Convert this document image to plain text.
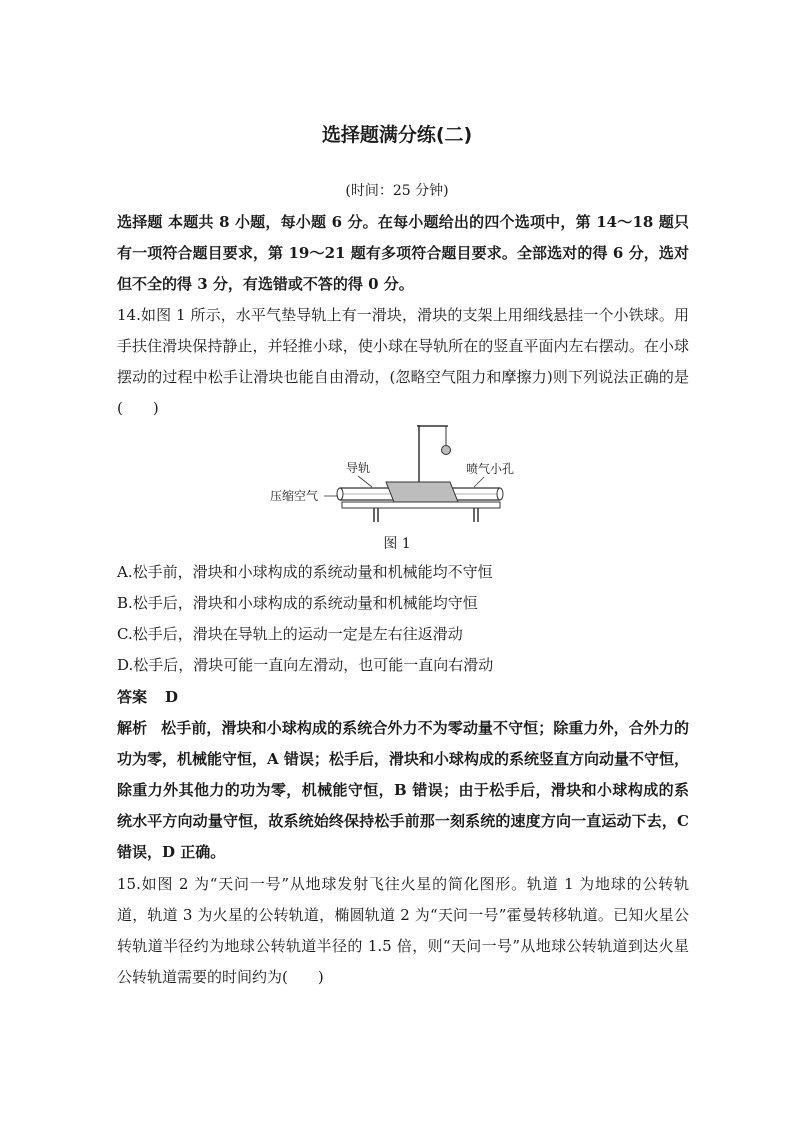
选择题满分练(二)
(时间：25 分钟)
选择题 本题共 8 小题，每小题 6 分。在每小题给出的四个选项中，第 14～18 题只有一项符合题目要求，第 19～21 题有多项符合题目要求。全部选对的得 6 分，选对但不全的得 3 分，有选错或不答的得 0 分。
14.如图 1 所示，水平气垫导轨上有一滑块，滑块的支架上用细线悬挂一个小铁球。用手扶住滑块保持静止，并轻推小球，使小球在导轨所在的竖直平面内左右摆动。在小球摆动的过程中松手让滑块也能自由滑动，(忽略空气阻力和摩擦力)则下列说法正确的是(　　)
导轨
压缩空气
喷气小孔
图 1
A.松手前，滑块和小球构成的系统动量和机械能均不守恒
B.松手后，滑块和小球构成的系统动量和机械能均守恒
C.松手后，滑块在导轨上的运动一定是左右往返滑动
D.松手后，滑块可能一直向左滑动，也可能一直向右滑动
答案 D
解析 松手前，滑块和小球构成的系统合外力不为零动量不守恒；除重力外，合外力的功为零，机械能守恒，A 错误；松手后，滑块和小球构成的系统竖直方向动量不守恒，除重力外其他力的功为零，机械能守恒，B 错误；由于松手后，滑块和小球构成的系统水平方向动量守恒，故系统始终保持松手前那一刻系统的速度方向一直运动下去，C 错误，D 正确。
15.如图 2 为“天问一号”从地球发射飞往火星的简化图形。轨道 1 为地球的公转轨道，轨道 3 为火星的公转轨道，椭圆轨道 2 为“天问一号”霍曼转移轨道。已知火星公转轨道半径约为地球公转轨道半径的 1.5 倍，则“天问一号”从地球公转轨道到达火星公转轨道需要的时间约为(　　)
